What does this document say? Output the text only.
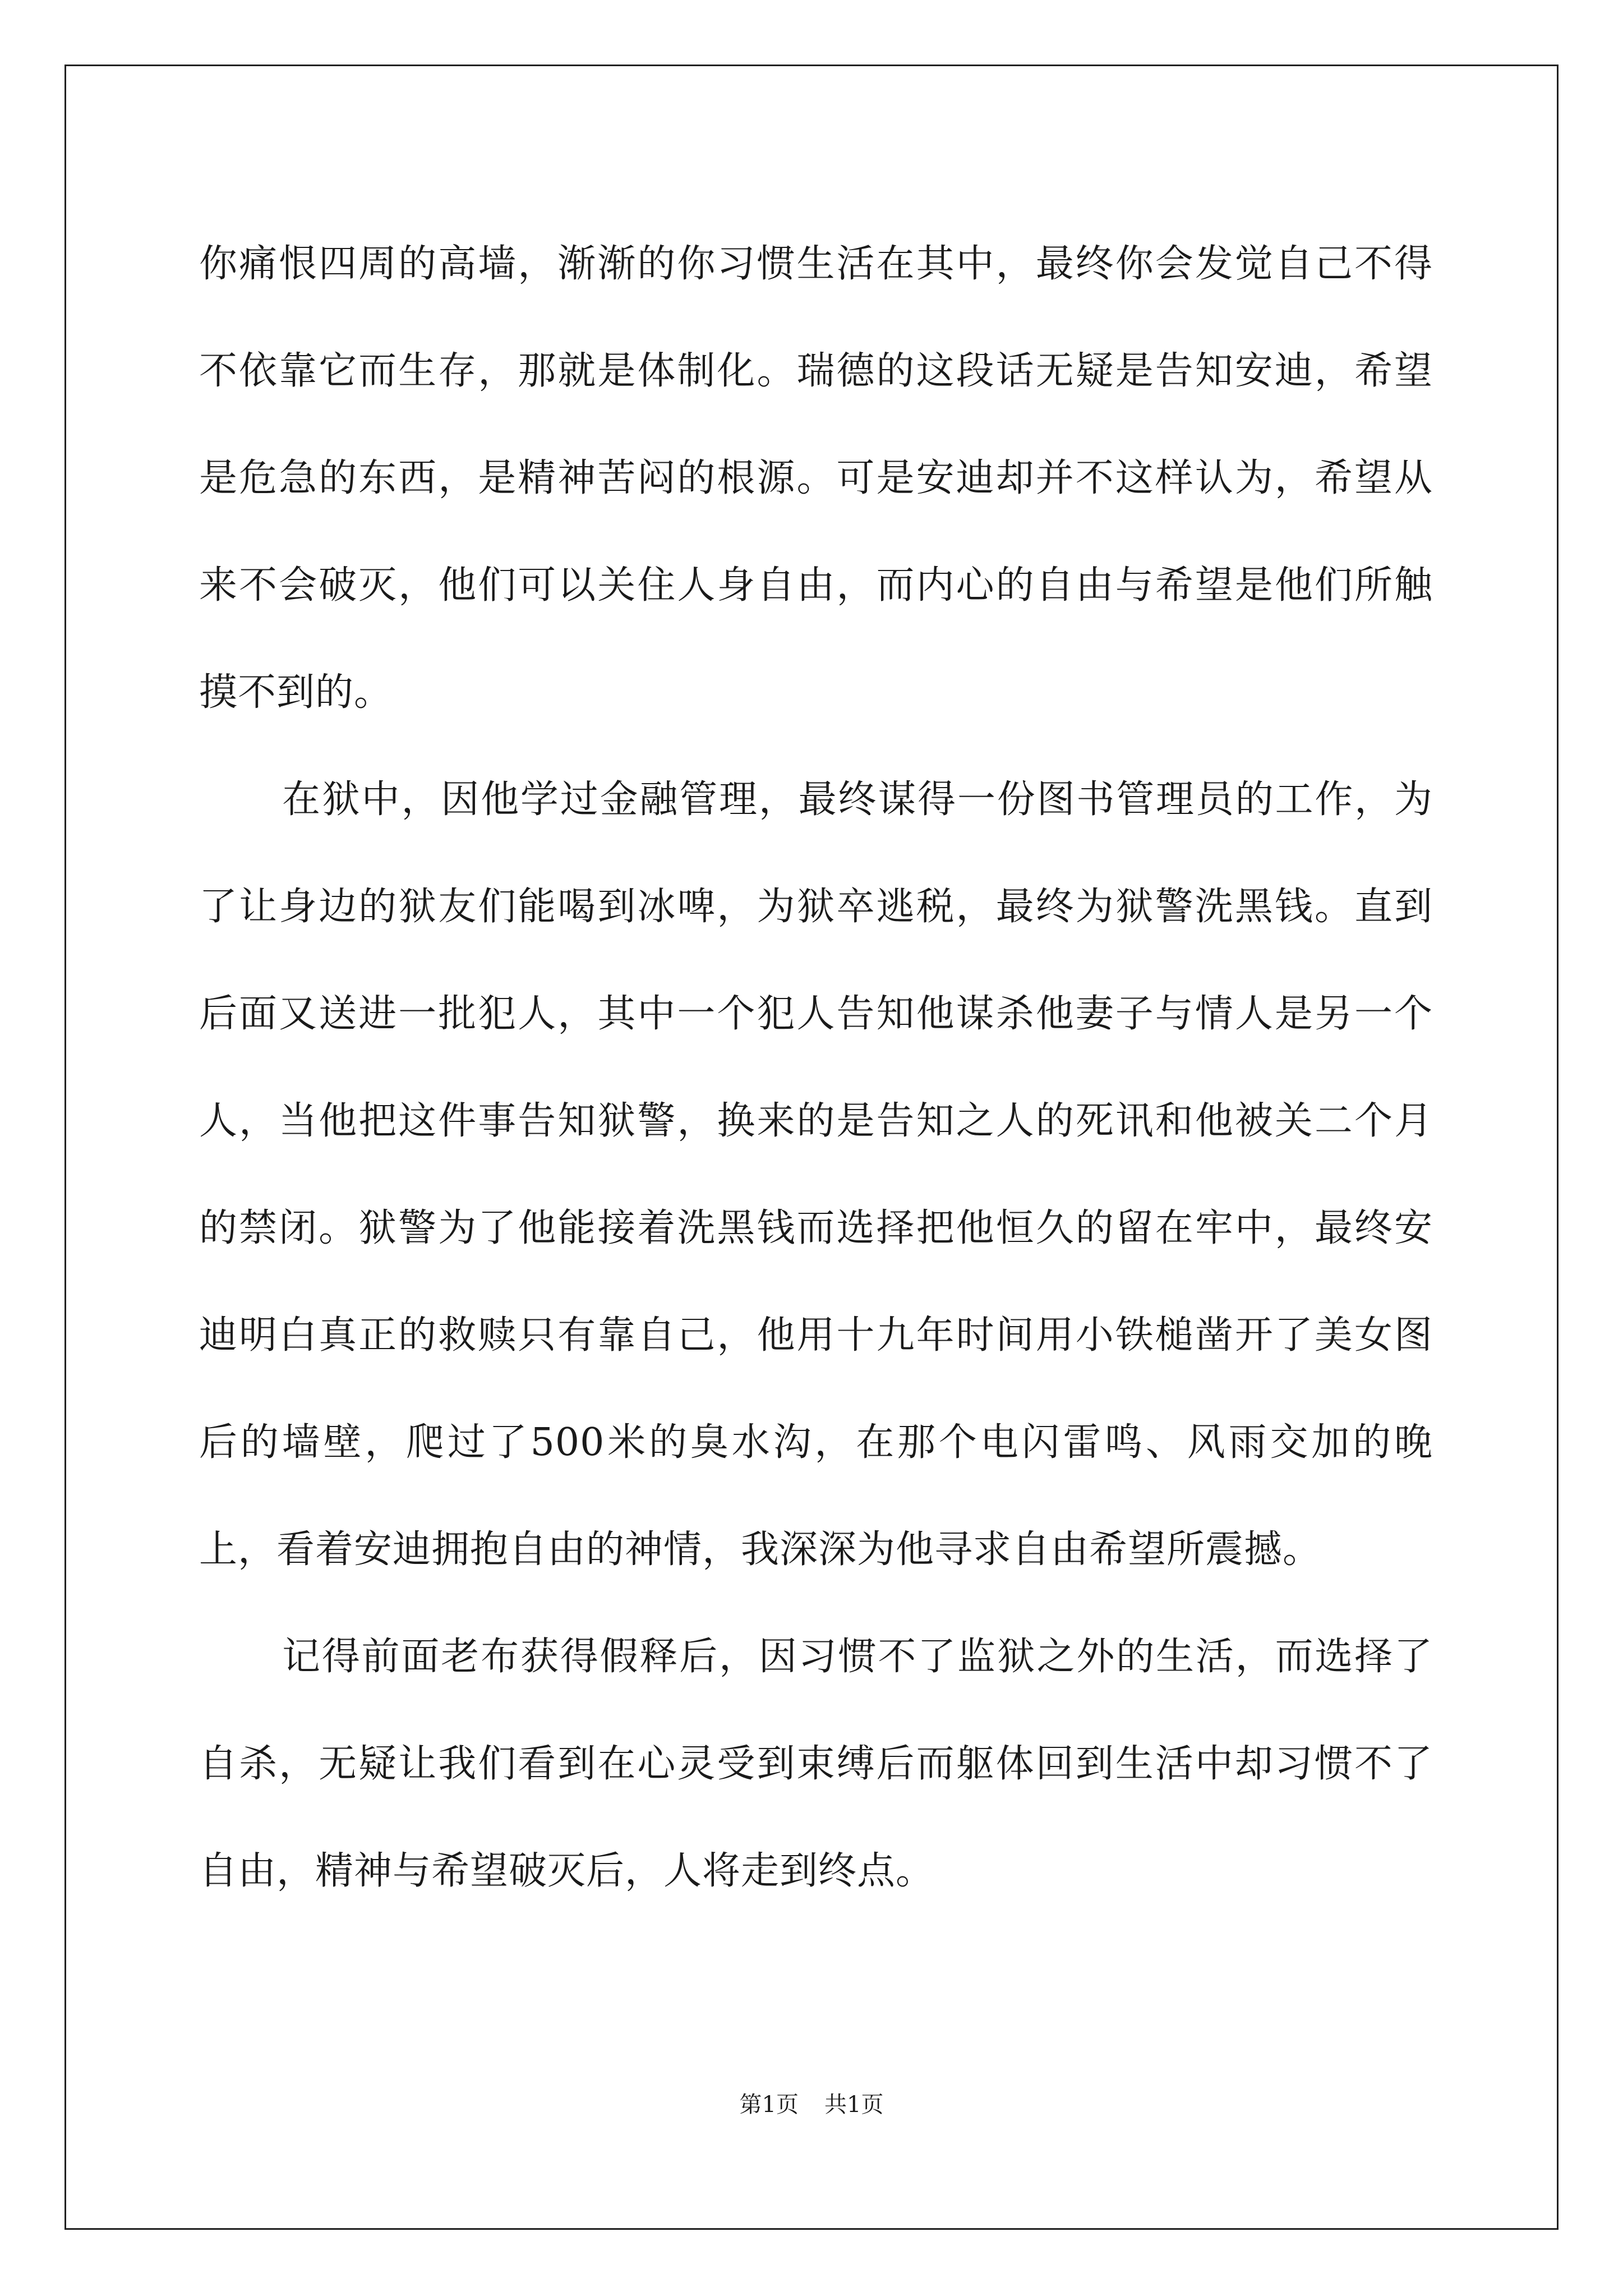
你痛恨四周的高墙，渐渐的你习惯生活在其中，最终你会发觉自己不得不依靠它而生存，那就是体制化。瑞德的这段话无疑是告知安迪，希望是危急的东西，是精神苦闷的根源。可是安迪却并不这样认为，希望从来不会破灭，他们可以关住人身自由，而内心的自由与希望是他们所触摸不到的。

在狱中，因他学过金融管理，最终谋得一份图书管理员的工作，为了让身边的狱友们能喝到冰啤，为狱卒逃税，最终为狱警洗黑钱。直到后面又送进一批犯人，其中一个犯人告知他谋杀他妻子与情人是另一个人，当他把这件事告知狱警，换来的是告知之人的死讯和他被关二个月的禁闭。狱警为了他能接着洗黑钱而选择把他恒久的留在牢中，最终安迪明白真正的救赎只有靠自己，他用十九年时间用小铁槌凿开了美女图后的墙壁，爬过了500米的臭水沟，在那个电闪雷鸣、风雨交加的晚上，看着安迪拥抱自由的神情，我深深为他寻求自由希望所震撼。

记得前面老布获得假释后，因习惯不了监狱之外的生活，而选择了自杀，无疑让我们看到在心灵受到束缚后而躯体回到生活中却习惯不了自由，精神与希望破灭后，人将走到终点。

第1页 共1页
